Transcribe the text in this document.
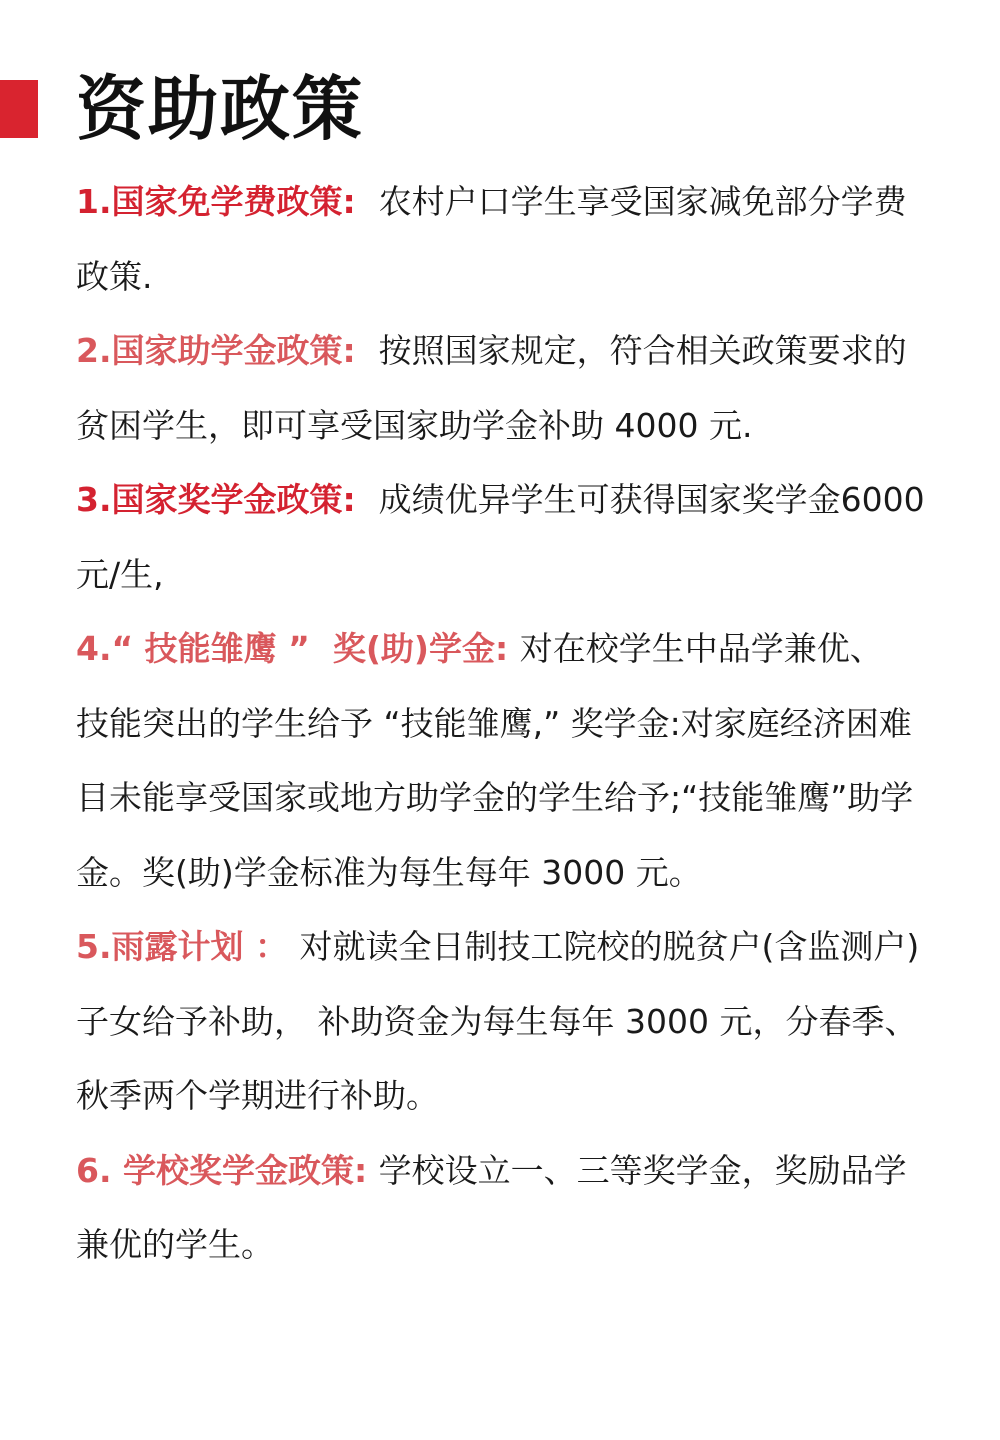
资助政策
1.国家免学费政策:  农村户口学生享受国家减免部分学费政策.
2.国家助学金政策:  按照国家规定，符合相关政策要求的贫困学生，即可享受国家助学金补助 4000 元.
3.国家奖学金政策:  成绩优异学生可获得国家奖学金6000 元/生,
4.“ 技能雏鹰 ”  奖(助)学金: 对在校学生中品学兼优、 技能突出的学生给予 “技能雏鹰,” 奖学金:对家庭经济困难目未能享受国家或地方助学金的学生给予;“技能雏鹰”助学金。奖(助)学金标准为每生每年 3000 元。
5.雨露计划 ： 对就读全日制技工院校的脱贫户(含监测户)子女给予补助， 补助资金为每生每年 3000 元，分春季、秋季两个学期进行补助。
6. 学校奖学金政策: 学校设立一、三等奖学金，奖励品学兼优的学生。
